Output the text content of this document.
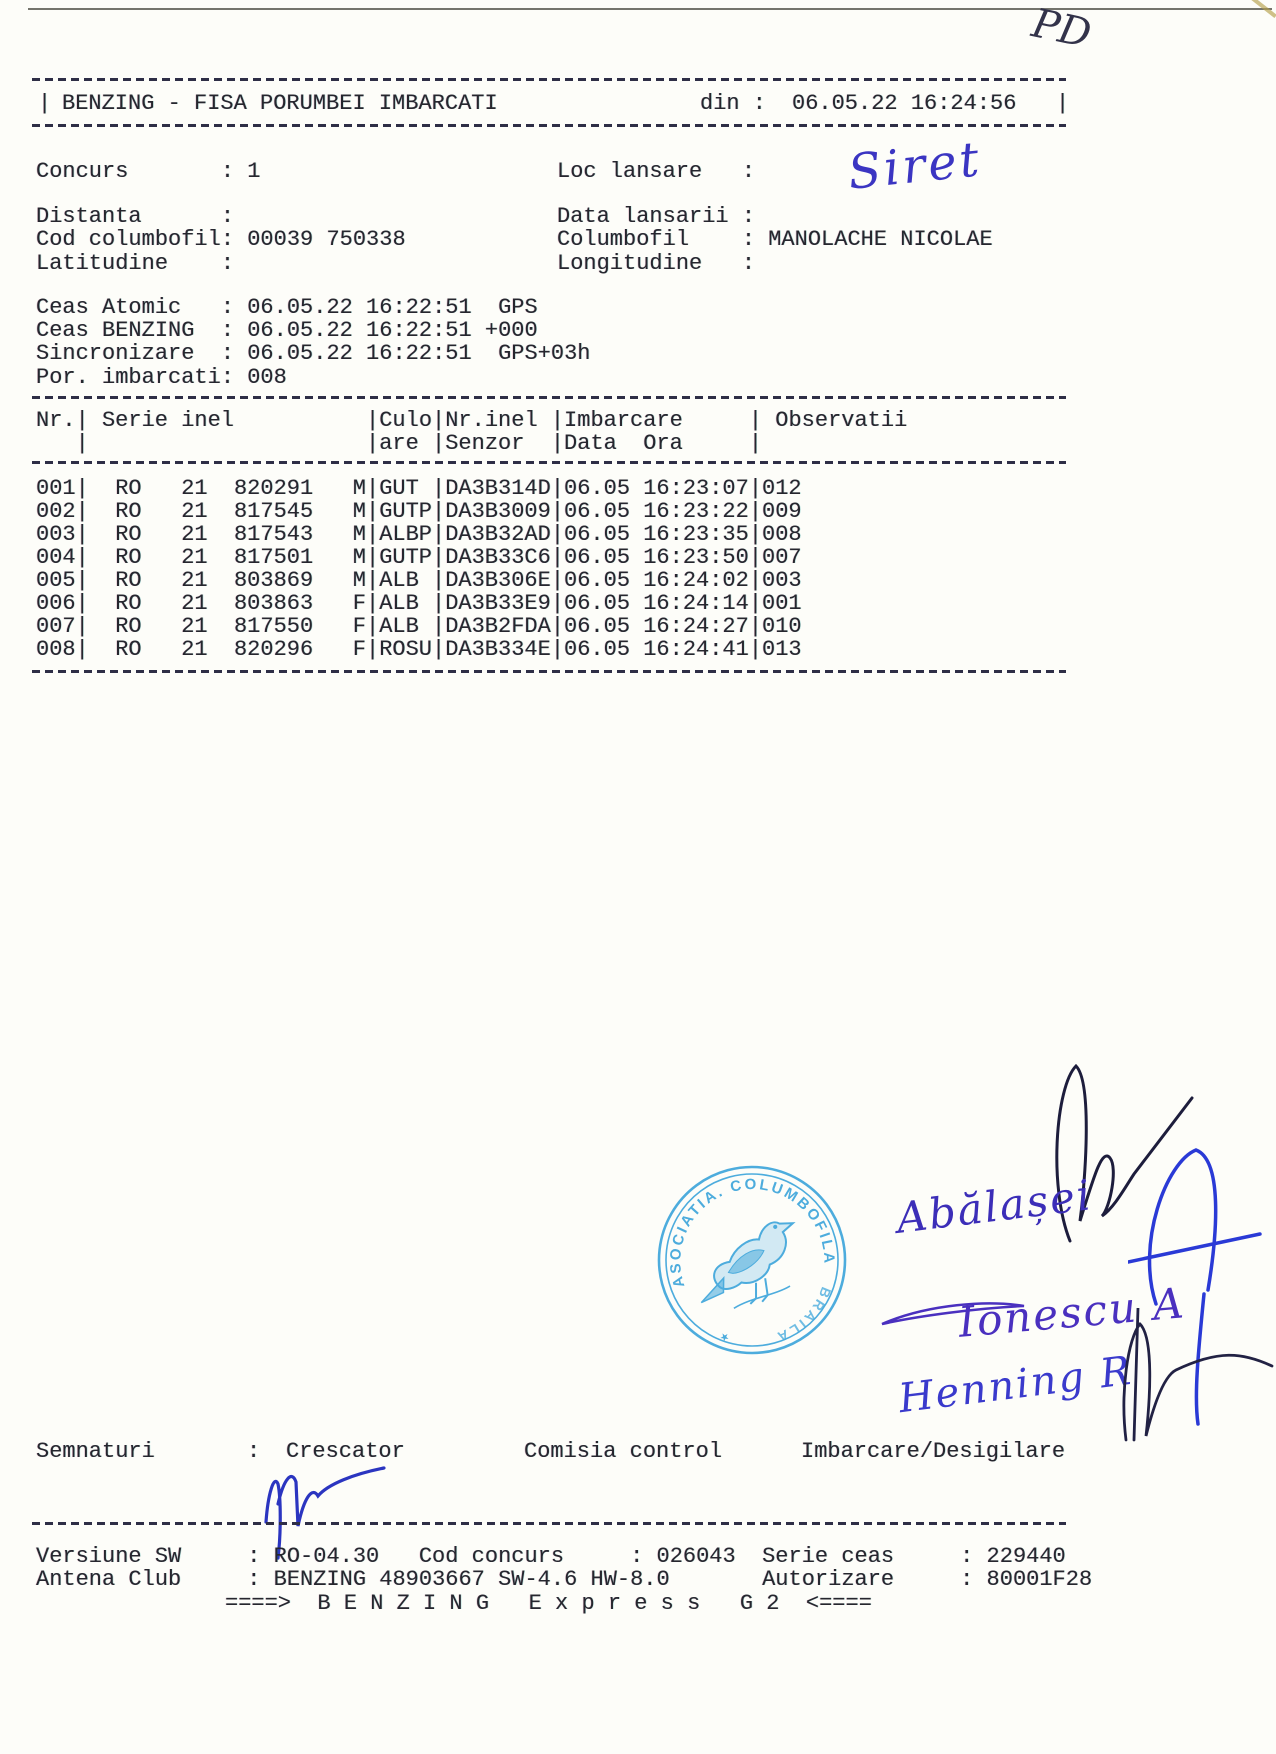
PD
| BENZING - FISA PORUMBEI IMBARCATI	din : 06.05.22 16:24:56 |
Concurs	: 1
Distanta	:
Cod columbofil: 00039 750338
Latitudine :
Loc lansare :
Data lansarii :
Columbofil : MANOLACHE NICOLAE
Longitudine :
Siret
Ceas Atomic : 06.05.22 16:22:51  GPS
Ceas BENZING : 06.05.22 16:22:51 +000
Sincronizare : 06.05.22 16:22:51  GPS+03h
Por. imbarcati: 008
Nr.| Serie inel	|Culo|Nr.inel |Imbarcare	| Observatii
|	|are |Senzor |Data  Ora	|
001| RO 21 820291 M|GUT |DA3B314D|06.05 16:23:07|012
002| RO 21 817545 M|GUTP|DA3B3009|06.05 16:23:22|009
003| RO 21 817543 M|ALBP|DA3B32AD|06.05 16:23:35|008
004| RO 21 817501 M|GUTP|DA3B33C6|06.05 16:23:50|007
005| RO 21 803869 M|ALB |DA3B306E|06.05 16:24:02|003
006| RO 21 803863 F|ALB |DA3B33E9|06.05 16:24:14|001
007| RO 21 817550 F|ALB |DA3B2FDA|06.05 16:24:27|010
008| RO 21 820296 F|ROSU|DA3B334E|06.05 16:24:41|013
ASOCIATIA. COLUMBOFILA
BRAILA
★
Abălașei
Ionescu A
Henning R
Semnaturi	: Crescator	Comisia control	Imbarcare/Desigilare
Versiune SW	: RO-04.30 Cod concurs	: 026043 Serie ceas	: 229440
Antena Club	: BENZING 48903667 SW-4.6 HW-8.0	Autorizare	: 80001F28
====>  B E N Z I N G   E x p r e s s   G 2  <====
